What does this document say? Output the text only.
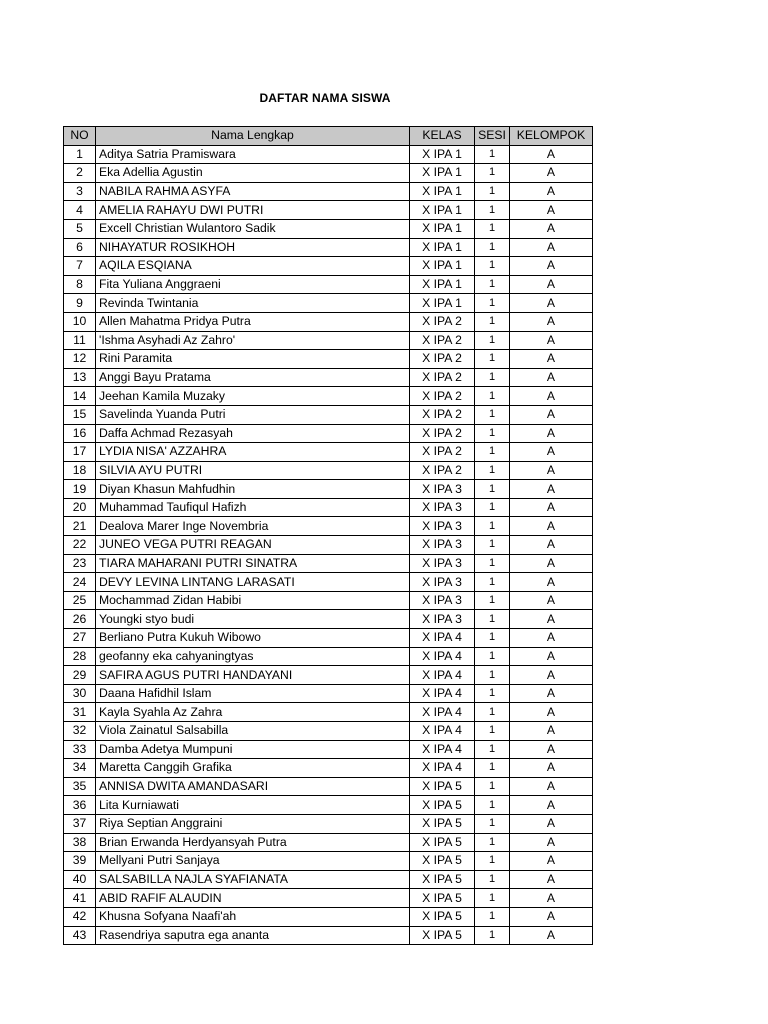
DAFTAR NAMA SISWA
NO	Nama Lengkap	KELAS	SESI	KELOMPOK
1	Aditya Satria Pramiswara	X IPA 1	1	A
2	Eka Adellia Agustin	X IPA 1	1	A
3	NABILA RAHMA ASYFA	X IPA 1	1	A
4	AMELIA RAHAYU DWI PUTRI	X IPA 1	1	A
5	Excell Christian Wulantoro Sadik	X IPA 1	1	A
6	NIHAYATUR ROSIKHOH	X IPA 1	1	A
7	AQILA ESQIANA	X IPA 1	1	A
8	Fita Yuliana Anggraeni	X IPA 1	1	A
9	Revinda Twintania	X IPA 1	1	A
10	Allen Mahatma Pridya Putra	X IPA 2	1	A
11	'Ishma Asyhadi Az Zahro'	X IPA 2	1	A
12	Rini Paramita	X IPA 2	1	A
13	Anggi Bayu Pratama	X IPA 2	1	A
14	Jeehan Kamila Muzaky	X IPA 2	1	A
15	Savelinda Yuanda Putri	X IPA 2	1	A
16	Daffa Achmad Rezasyah	X IPA 2	1	A
17	LYDIA NISA' AZZAHRA	X IPA 2	1	A
18	SILVIA AYU PUTRI	X IPA 2	1	A
19	Diyan Khasun Mahfudhin	X IPA 3	1	A
20	Muhammad Taufiqul Hafizh	X IPA 3	1	A
21	Dealova Marer Inge Novembria	X IPA 3	1	A
22	JUNEO VEGA PUTRI REAGAN	X IPA 3	1	A
23	TIARA MAHARANI PUTRI SINATRA	X IPA 3	1	A
24	DEVY LEVINA LINTANG LARASATI	X IPA 3	1	A
25	Mochammad Zidan Habibi	X IPA 3	1	A
26	Youngki styo budi	X IPA 3	1	A
27	Berliano Putra Kukuh Wibowo	X IPA 4	1	A
28	geofanny eka cahyaningtyas	X IPA 4	1	A
29	SAFIRA AGUS PUTRI HANDAYANI	X IPA 4	1	A
30	Daana Hafidhil Islam	X IPA 4	1	A
31	Kayla Syahla Az Zahra	X IPA 4	1	A
32	Viola Zainatul Salsabilla	X IPA 4	1	A
33	Damba Adetya Mumpuni	X IPA 4	1	A
34	Maretta Canggih Grafika	X IPA 4	1	A
35	ANNISA DWITA AMANDASARI	X IPA 5	1	A
36	Lita Kurniawati	X IPA 5	1	A
37	Riya Septian Anggraini	X IPA 5	1	A
38	Brian Erwanda Herdyansyah Putra	X IPA 5	1	A
39	Mellyani Putri Sanjaya	X IPA 5	1	A
40	SALSABILLA NAJLA SYAFIANATA	X IPA 5	1	A
41	ABID RAFIF ALAUDIN	X IPA 5	1	A
42	Khusna Sofyana Naafi'ah	X IPA 5	1	A
43	Rasendriya saputra ega ananta	X IPA 5	1	A
